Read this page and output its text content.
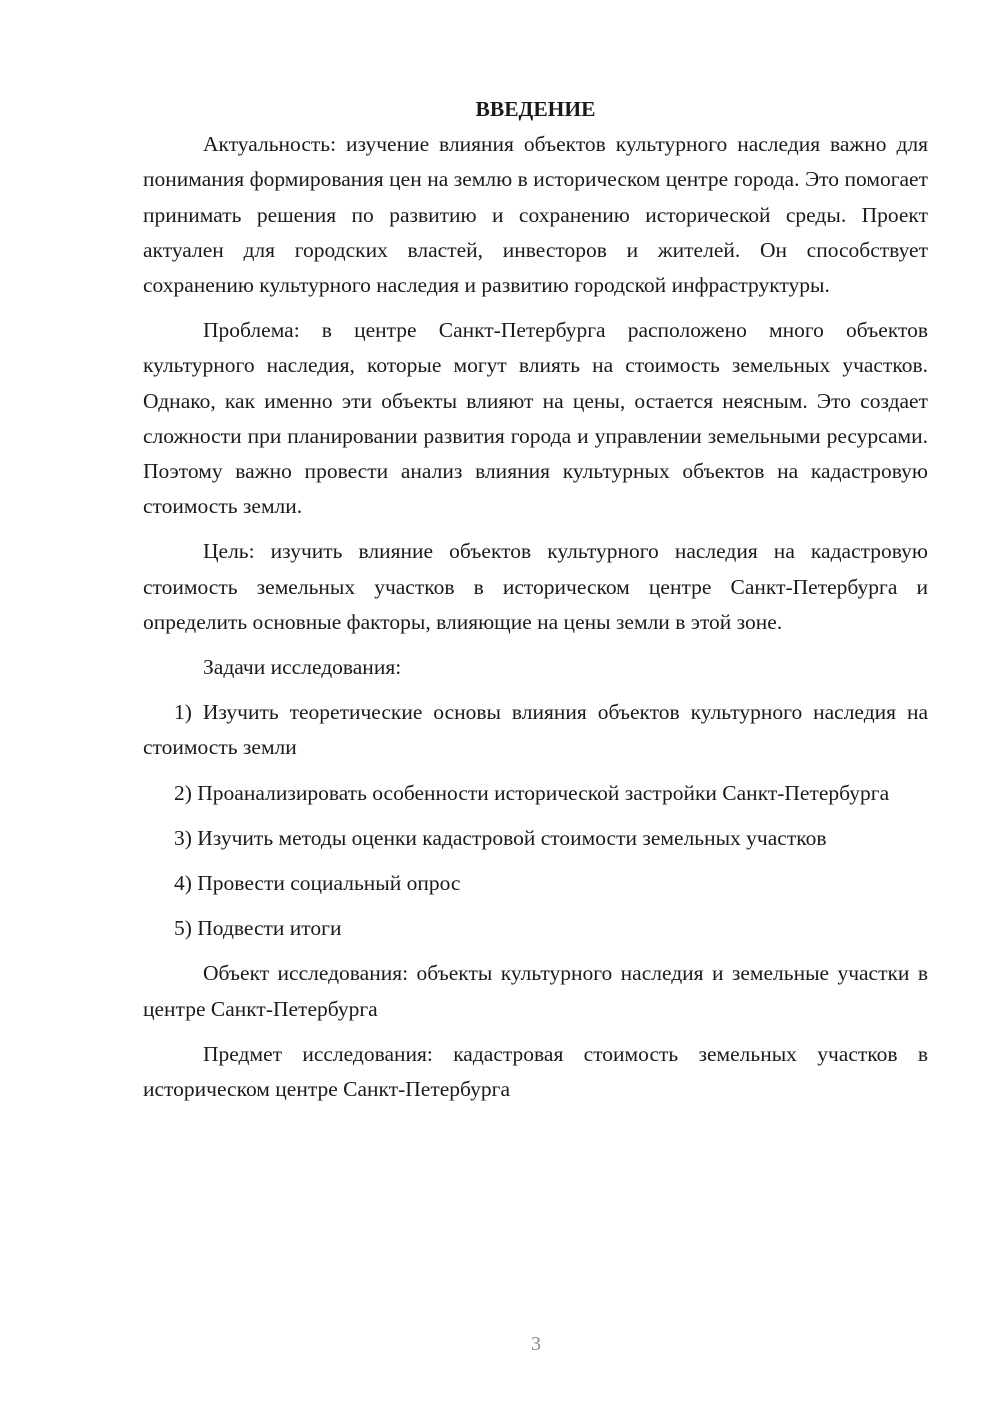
ВВЕДЕНИЕ

Актуальность: изучение влияния объектов культурного наследия важно для понимания формирования цен на землю в историческом центре города. Это помогает принимать решения по развитию и сохранению исторической среды. Проект актуален для городских властей, инвесторов и жителей. Он способствует сохранению культурного наследия и развитию городской инфраструктуры.

Проблема: в центре Санкт-Петербурга расположено много объектов культурного наследия, которые могут влиять на стоимость земельных участков. Однако, как именно эти объекты влияют на цены, остается неясным. Это создает сложности при планировании развития города и управлении земельными ресурсами. Поэтому важно провести анализ влияния культурных объектов на кадастровую стоимость земли.

Цель: изучить влияние объектов культурного наследия на кадастровую стоимость земельных участков в историческом центре Санкт-Петербурга и определить основные факторы, влияющие на цены земли в этой зоне.

Задачи исследования:

1) Изучить теоретические основы влияния объектов культурного наследия на стоимость земли

2) Проанализировать особенности исторической застройки Санкт-Петербурга

3) Изучить методы оценки кадастровой стоимости земельных участков

4) Провести социальный опрос

5) Подвести итоги

Объект исследования: объекты культурного наследия и земельные участки в центре Санкт-Петербурга

Предмет исследования: кадастровая стоимость земельных участков в историческом центре Санкт-Петербурга

3
